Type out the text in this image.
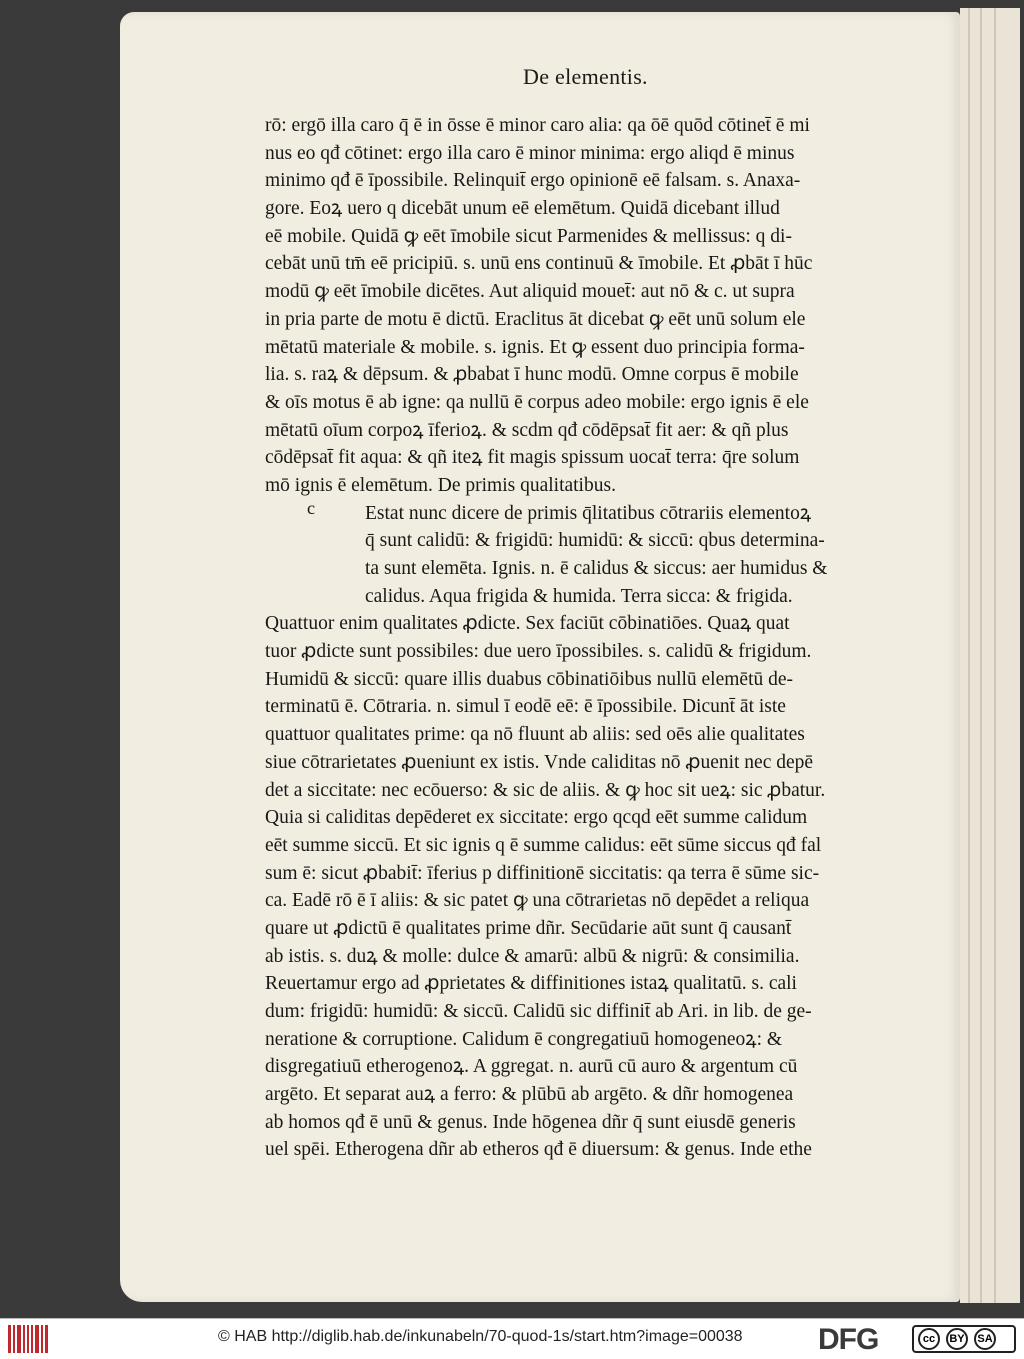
De elementis.
c
rō: ergō illa caro q̄ ē in ōsse ē minor caro alia: qa ōē quōd cōtinet̄ ē mi
nus eo qđ cōtinet: ergo illa caro ē minor minima: ergo aliqd ē minus
minimo qđ ē īpossibile. Relinquit̄ ergo opinionē eē falsam. s. Anaxa-
gore. Eoꝝ uero q dicebāt unum eē elemētum. Quidā dicebant illud
eē mobile. Quidā ꝙ eēt īmobile sicut Parmenides & mellissus: q di-
cebāt unū tm̄ eē pricipiū. s. unū ens continuū & īmobile. Et ꝓbāt ī hūc
modū ꝙ eēt īmobile dicētes. Aut aliquid mouet̄: aut nō & c. ut supra
in pria parte de motu ē dictū. Eraclitus āt dicebat ꝙ eēt unū solum ele
mētatū materiale & mobile. s. ignis. Et ꝙ essent duo principia forma-
lia. s. raꝝ & dēpsum. & ꝓbabat ī hunc modū. Omne corpus ē mobile
& oīs motus ē ab igne: qa nullū ē corpus adeo mobile: ergo ignis ē ele
mētatū oīum corpoꝝ īferioꝝ. & scdm qđ cōdēpsat̄ fit aer: & qñ plus
cōdēpsat̄ fit aqua: & qñ iteꝝ fit magis spissum uocat̄ terra: q̄re solum
mō ignis ē elemētum. De primis qualitatibus.
Estat nunc dicere de primis q̄litatibus cōtrariis elementoꝝ
q̄ sunt calidū: & frigidū: humidū: & siccū: qbus determina-
ta sunt elemēta. Ignis. n. ē calidus & siccus: aer humidus &
calidus. Aqua frigida & humida. Terra sicca: & frigida.
Quattuor enim qualitates ꝓdicte. Sex faciūt cōbinatiōes. Quaꝝ quat
tuor ꝓdicte sunt possibiles: due uero īpossibiles. s. calidū & frigidum.
Humidū & siccū: quare illis duabus cōbinatiōibus nullū elemētū de-
terminatū ē. Cōtraria. n. simul ī eodē eē: ē īpossibile. Dicunt̄ āt iste
quattuor qualitates prime: qa nō fluunt ab aliis: sed oēs alie qualitates
siue cōtrarietates ꝓueniunt ex istis. Vnde caliditas nō ꝓuenit nec depē
det a siccitate: nec ecōuerso: & sic de aliis. & ꝙ hoc sit ueꝝ: sic ꝓbatur.
Quia si caliditas depēderet ex siccitate: ergo qcqd eēt summe calidum
eēt summe siccū. Et sic ignis q ē summe calidus: eēt sūme siccus qđ fal
sum ē: sicut ꝓbabit̄: īferius p diffinitionē siccitatis: qa terra ē sūme sic-
ca. Eadē rō ē ī aliis: & sic patet ꝙ una cōtrarietas nō depēdet a reliqua
quare ut ꝓdictū ē qualitates prime dñr. Secūdarie aūt sunt q̄ causant̄
ab istis. s. duꝝ & molle: dulce & amarū: albū & nigrū: & consimilia.
Reuertamur ergo ad ꝓprietates & diffinitiones istaꝝ qualitatū. s. cali
dum: frigidū: humidū: & siccū. Calidū sic diffinit̄ ab Ari. in lib. de ge-
neratione & corruptione. Calidum ē congregatiuū homogeneoꝝ: &
disgregatiuū etherogenoꝝ. A ggregat. n. aurū cū auro & argentum cū
argēto. Et separat auꝝ a ferro: & plūbū ab argēto. & dñr homogenea
ab homos qđ ē unū & genus. Inde hōgenea dñr q̄ sunt eiusdē generis
uel spēi. Etherogena dñr ab etheros qđ ē diuersum: & genus. Inde ethe
© HAB http://diglib.hab.de/inkunabeln/70-quod-1s/start.htm?image=00038	DFG	cc	BY	SA
